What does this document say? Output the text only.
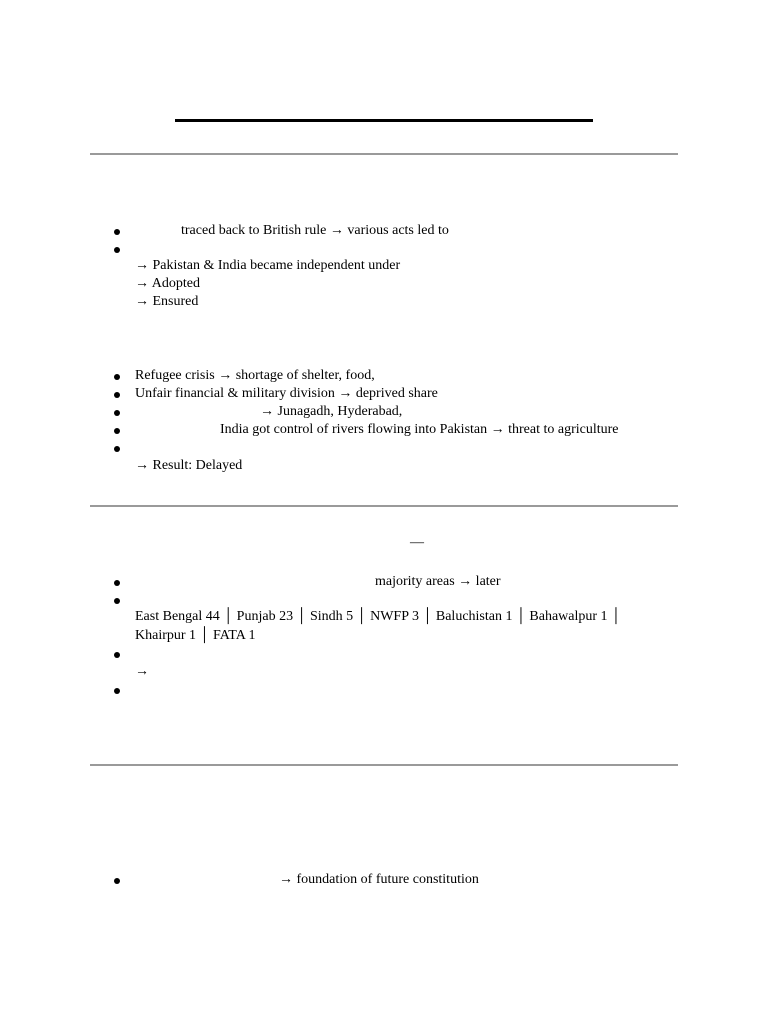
traced back to British rule → various acts led to
→ Pakistan & India became independent under
→ Adopted
→ Ensured
Refugee crisis → shortage of shelter, food,
Unfair financial & military division → deprived share
→ Junagadh, Hyderabad,
India got control of rivers flowing into Pakistan → threat to agriculture
→ Result: Delayed
—
majority areas → later
East Bengal 44 │ Punjab 23 │ Sindh 5 │ NWFP 3 │ Baluchistan 1 │ Bahawalpur 1 │
Khairpur 1 │ FATA 1
→
→ foundation of future constitution
